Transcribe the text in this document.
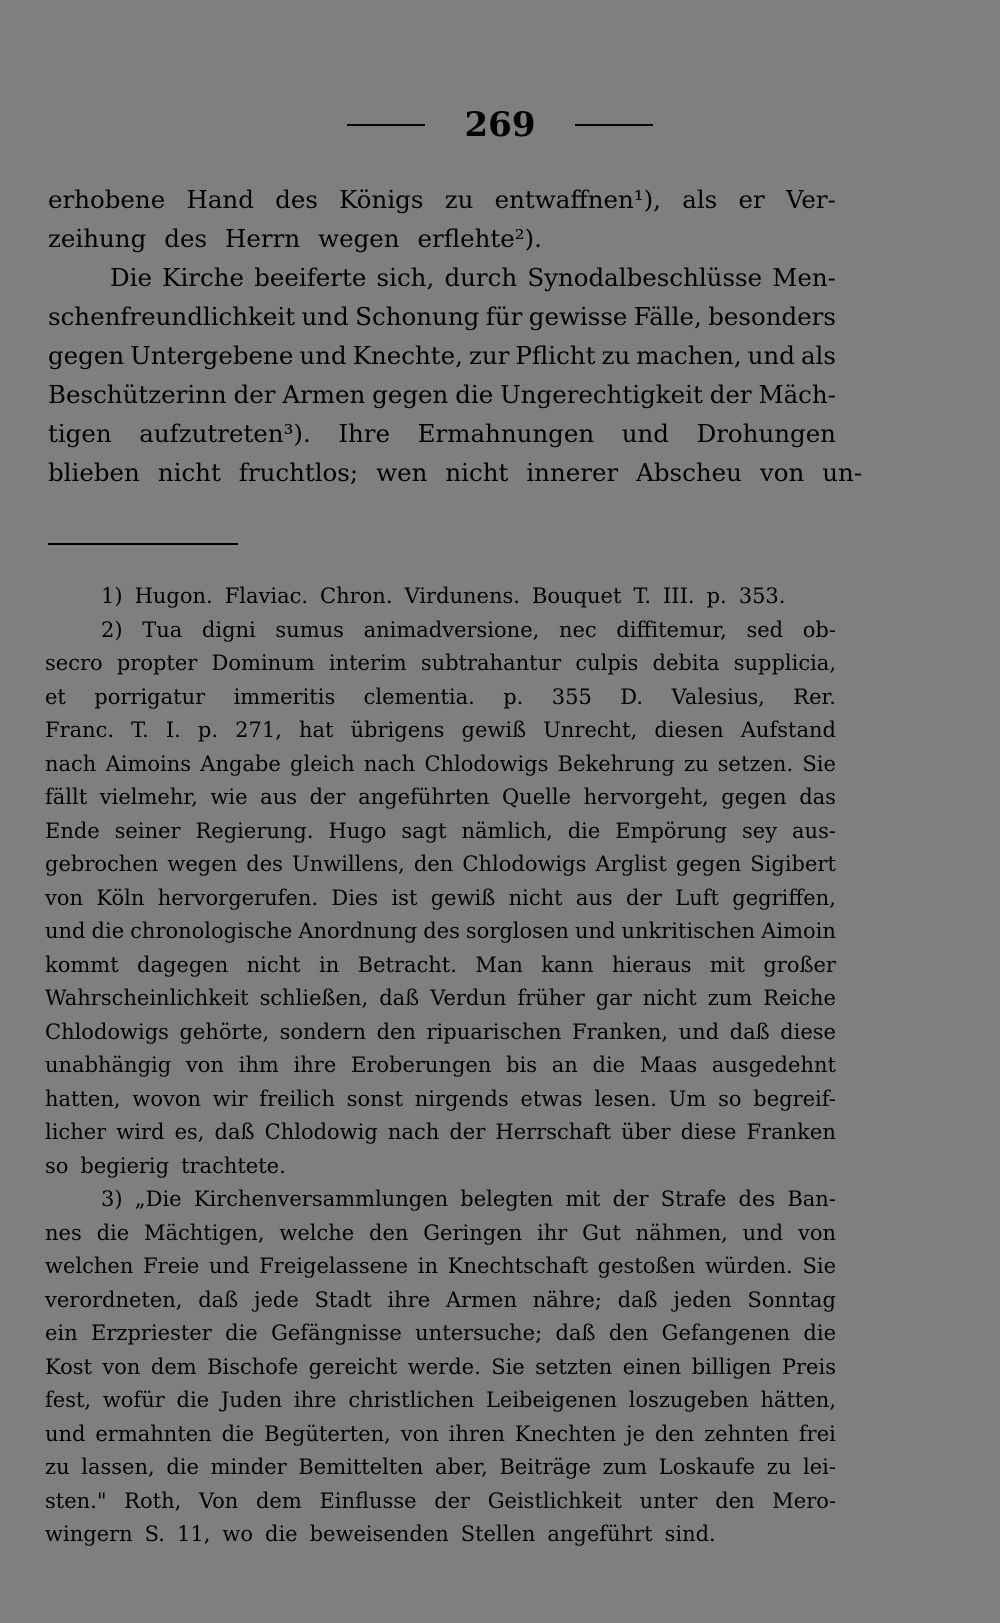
269
erhobene Hand des Königs zu entwaffnen¹), als er Ver-
zeihung des Herrn wegen erflehte²).
Die Kirche beeiferte sich, durch Synodalbeschlüsse Men-
schenfreundlichkeit und Schonung für gewisse Fälle, besonders
gegen Untergebene und Knechte, zur Pflicht zu machen, und als
Beschützerinn der Armen gegen die Ungerechtigkeit der Mäch-
tigen aufzutreten³). Ihre Ermahnungen und Drohungen
blieben nicht fruchtlos; wen nicht innerer Abscheu von un-
1) Hugon. Flaviac. Chron. Virdunens. Bouquet T. III. p. 353.
2) Tua digni sumus animadversione, nec diffitemur, sed ob-
secro propter Dominum interim subtrahantur culpis debita supplicia,
et porrigatur immeritis clementia. p. 355 D. Valesius, Rer.
Franc. T. I. p. 271, hat übrigens gewiß Unrecht, diesen Aufstand
nach Aimoins Angabe gleich nach Chlodowigs Bekehrung zu setzen. Sie
fällt vielmehr, wie aus der angeführten Quelle hervorgeht, gegen das
Ende seiner Regierung. Hugo sagt nämlich, die Empörung sey aus-
gebrochen wegen des Unwillens, den Chlodowigs Arglist gegen Sigibert
von Köln hervorgerufen. Dies ist gewiß nicht aus der Luft gegriffen,
und die chronologische Anordnung des sorglosen und unkritischen Aimoin
kommt dagegen nicht in Betracht. Man kann hieraus mit großer
Wahrscheinlichkeit schließen, daß Verdun früher gar nicht zum Reiche
Chlodowigs gehörte, sondern den ripuarischen Franken, und daß diese
unabhängig von ihm ihre Eroberungen bis an die Maas ausgedehnt
hatten, wovon wir freilich sonst nirgends etwas lesen. Um so begreif-
licher wird es, daß Chlodowig nach der Herrschaft über diese Franken
so begierig trachtete.
3) „Die Kirchenversammlungen belegten mit der Strafe des Ban-
nes die Mächtigen, welche den Geringen ihr Gut nähmen, und von
welchen Freie und Freigelassene in Knechtschaft gestoßen würden. Sie
verordneten, daß jede Stadt ihre Armen nähre; daß jeden Sonntag
ein Erzpriester die Gefängnisse untersuche; daß den Gefangenen die
Kost von dem Bischofe gereicht werde. Sie setzten einen billigen Preis
fest, wofür die Juden ihre christlichen Leibeigenen loszugeben hätten,
und ermahnten die Begüterten, von ihren Knechten je den zehnten frei
zu lassen, die minder Bemittelten aber, Beiträge zum Loskaufe zu lei-
sten." Roth, Von dem Einflusse der Geistlichkeit unter den Mero-
wingern S. 11, wo die beweisenden Stellen angeführt sind.
